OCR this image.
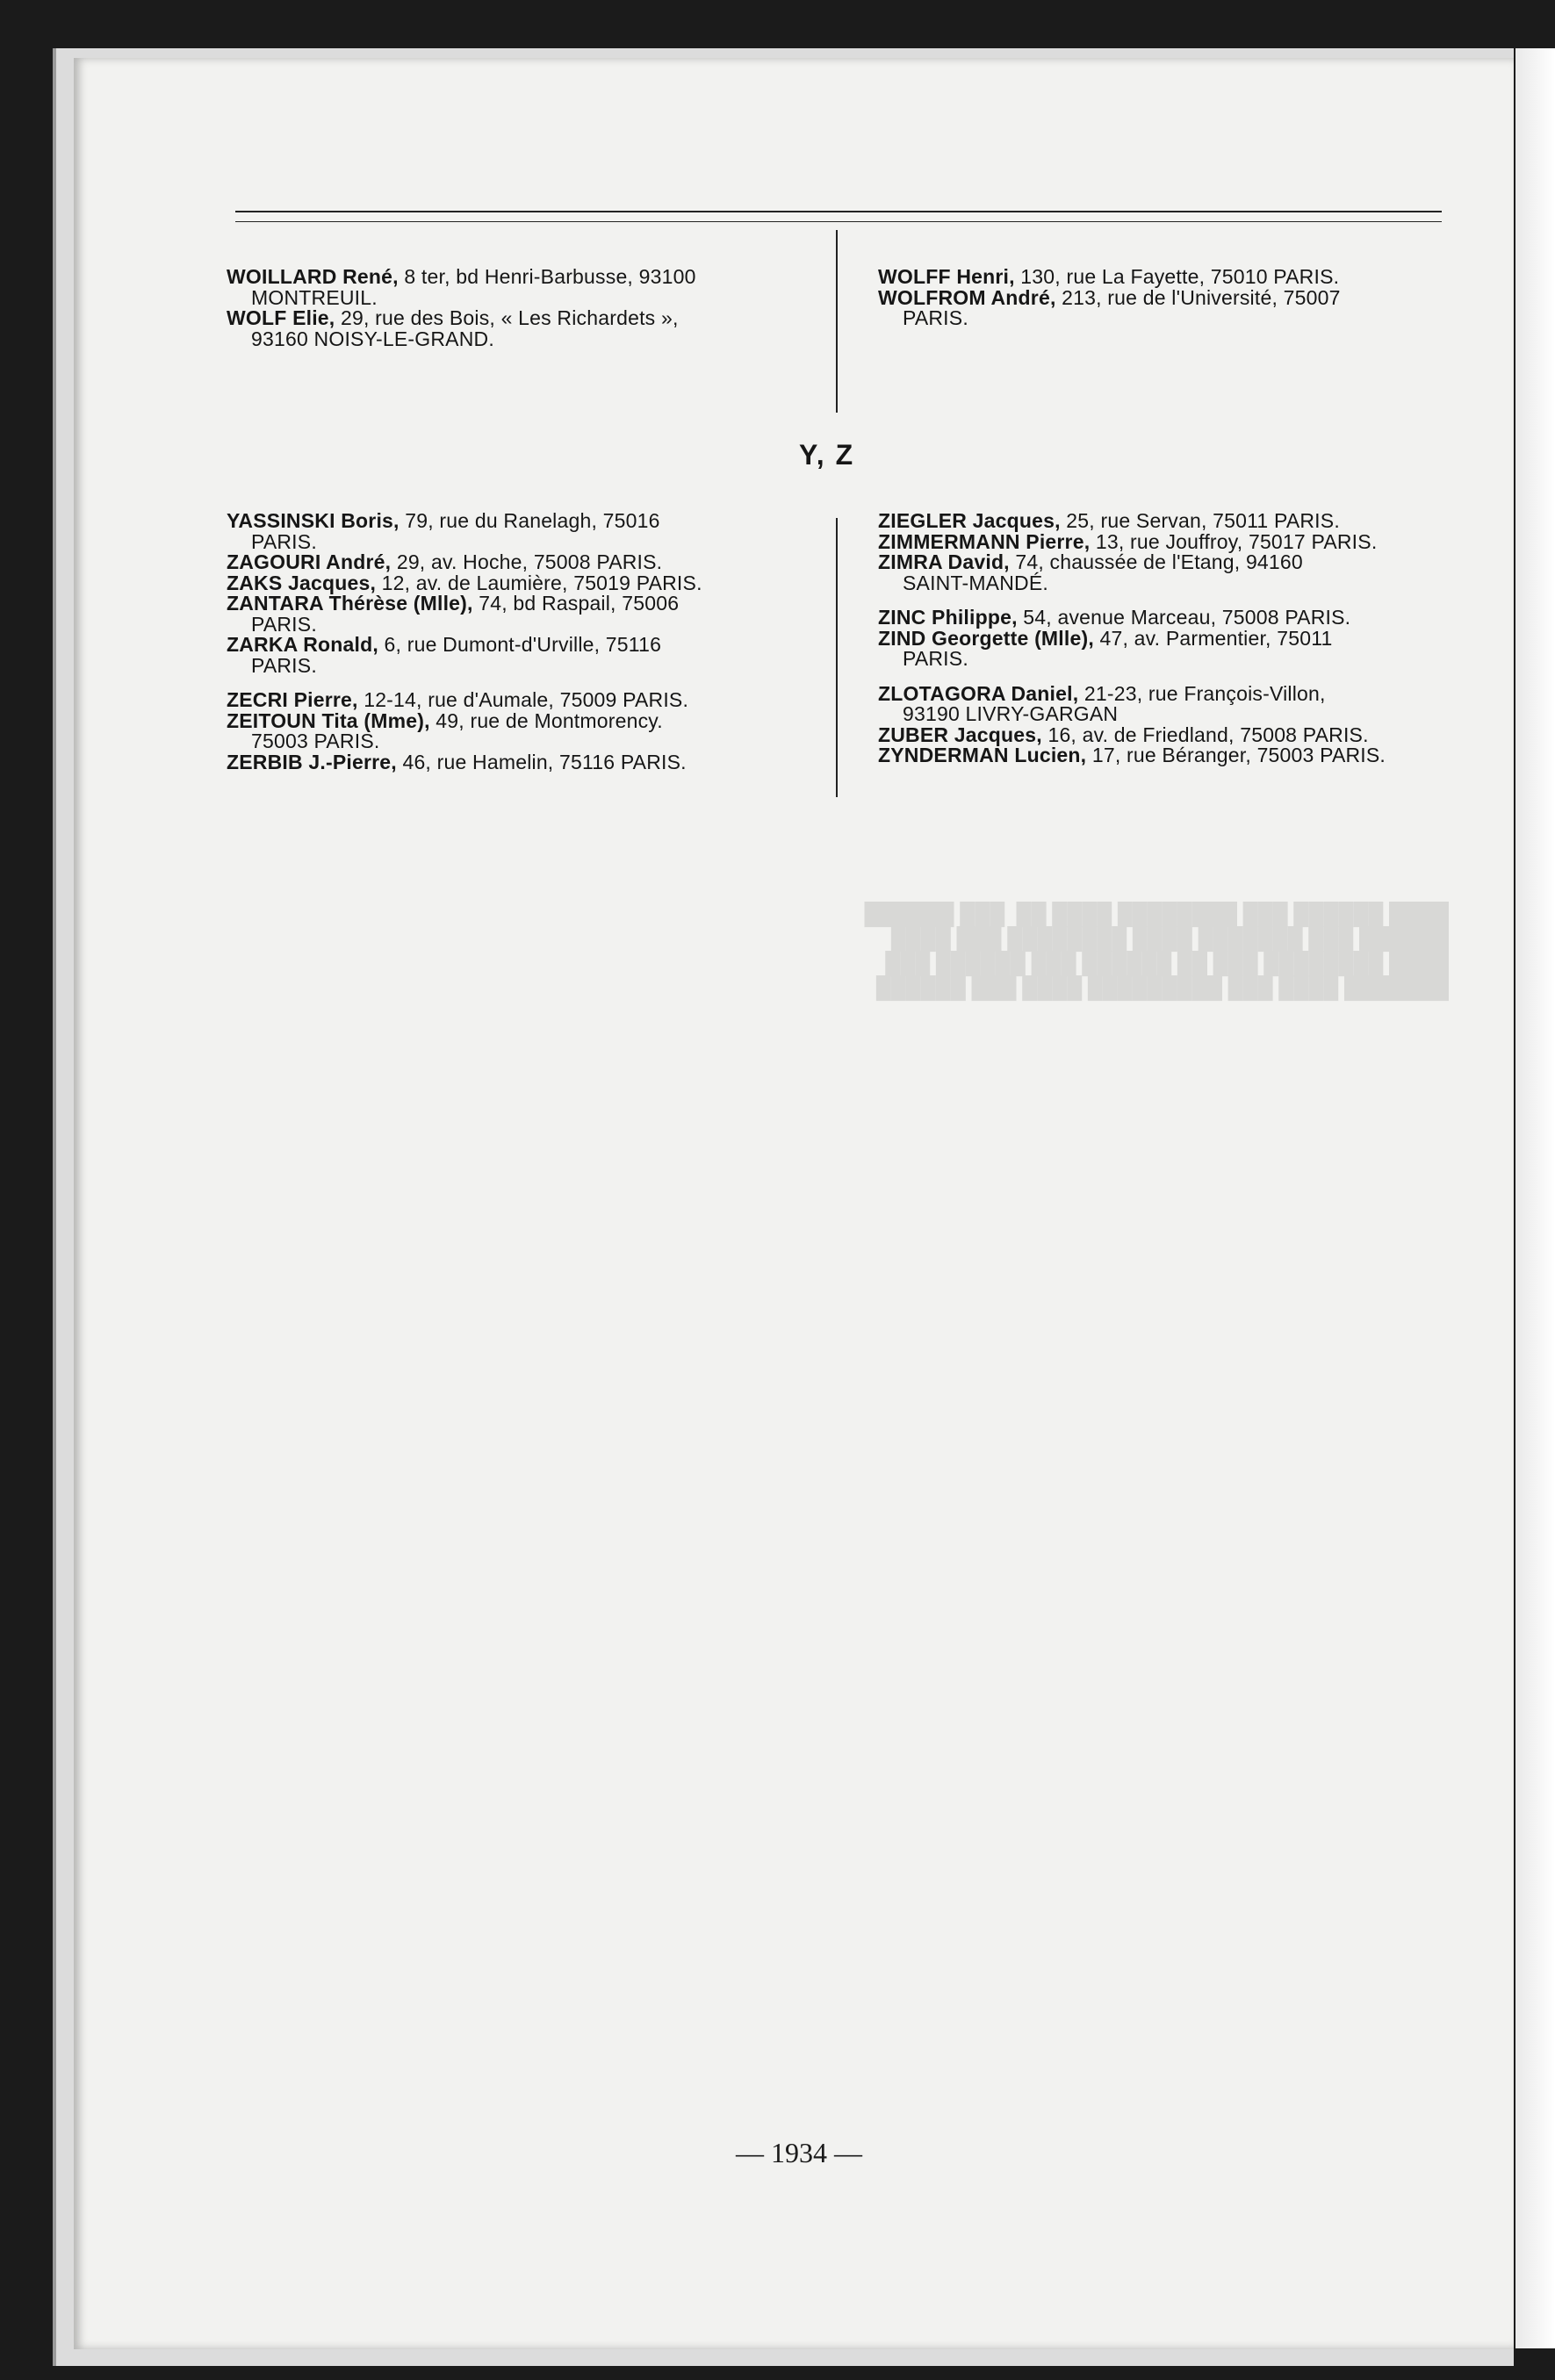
████ ██████ ███ ████████ ████ ██  ███ ██████
██████ ███ ███████ ████ ████████ ███ ████
████ ████████ ███ ██ ██████ ███ ██████ ███
███████ ████ ███ █████████ ████ ███ ██████

WOILLARD René, 8 ter, bd Henri-Barbusse, 93100
MONTREUIL.

WOLF Elie, 29, rue des Bois, « Les Richardets »,
93160 NOISY-LE-GRAND.

WOLFF Henri, 130, rue La Fayette, 75010 PARIS.

WOLFROM André, 213, rue de l'Université, 75007
PARIS.

Y, Z

YASSINSKI Boris, 79, rue du Ranelagh, 75016
PARIS.

ZAGOURI André, 29, av. Hoche, 75008 PARIS.

ZAKS Jacques, 12, av. de Laumière, 75019 PARIS.

ZANTARA Thérèse (Mlle), 74, bd Raspail, 75006
PARIS.

ZARKA Ronald, 6, rue Dumont-d'Urville, 75116
PARIS.

ZECRI Pierre, 12-14, rue d'Aumale, 75009 PARIS.

ZEITOUN Tita (Mme), 49, rue de Montmorency.
75003 PARIS.

ZERBIB J.-Pierre, 46, rue Hamelin, 75116 PARIS.

ZIEGLER Jacques, 25, rue Servan, 75011 PARIS.

ZIMMERMANN Pierre, 13, rue Jouffroy, 75017 PARIS.

ZIMRA David, 74, chaussée de l'Etang, 94160
SAINT-MANDÉ.

ZINC Philippe, 54, avenue Marceau, 75008 PARIS.

ZIND Georgette (Mlle), 47, av. Parmentier, 75011
PARIS.

ZLOTAGORA Daniel, 21-23, rue François-Villon,
93190 LIVRY-GARGAN

ZUBER Jacques, 16, av. de Friedland, 75008 PARIS.

ZYNDERMAN Lucien, 17, rue Béranger, 75003 PARIS.

— 1934 —
